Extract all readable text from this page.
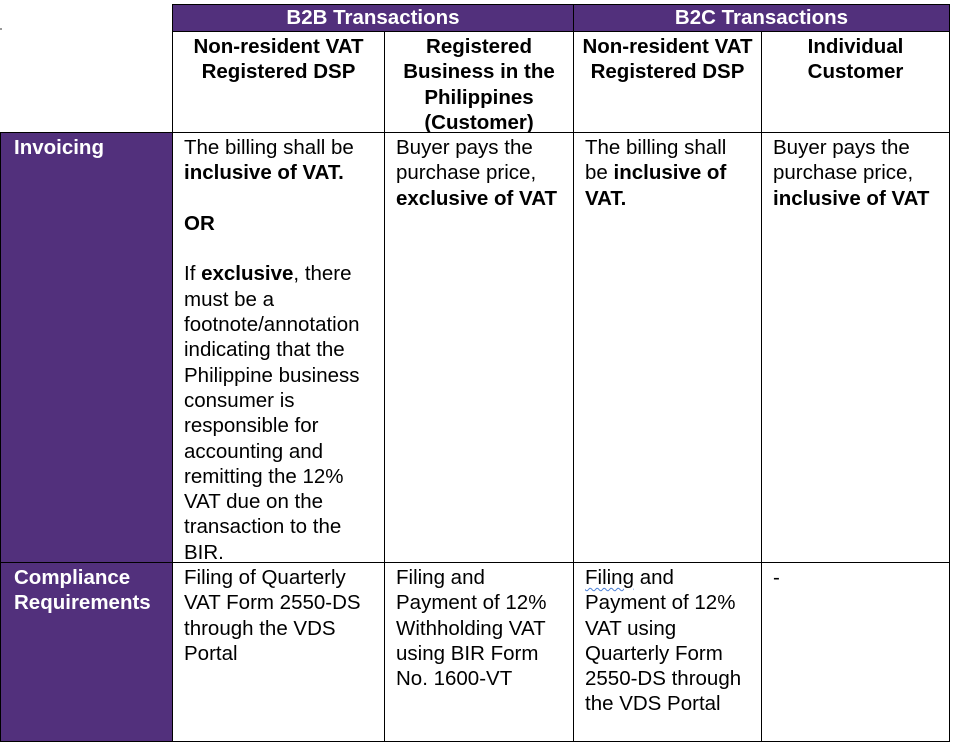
B2B Transactions	B2C Transactions
Non-resident VAT Registered DSP
Registered Business in the Philippines (Customer)
Non-resident VAT Registered DSP
Individual Customer
Invoicing	The billing shall be inclusive of VAT.

OR

If exclusive, there must be a footnote/annotation indicating that the Philippine business consumer is responsible for accounting and remitting the 12% VAT due on the transaction to the BIR.

Buyer pays the purchase price, exclusive of VAT

The billing shall be inclusive of VAT.

Buyer pays the purchase price, inclusive of VAT

Compliance Requirements
Filing of Quarterly VAT Form 2550-DS through the VDS Portal
Filing and Payment of 12% Withholding VAT using BIR Form No. 1600-VT
Filing and Payment of 12% VAT using Quarterly Form 2550-DS through the VDS Portal
-
